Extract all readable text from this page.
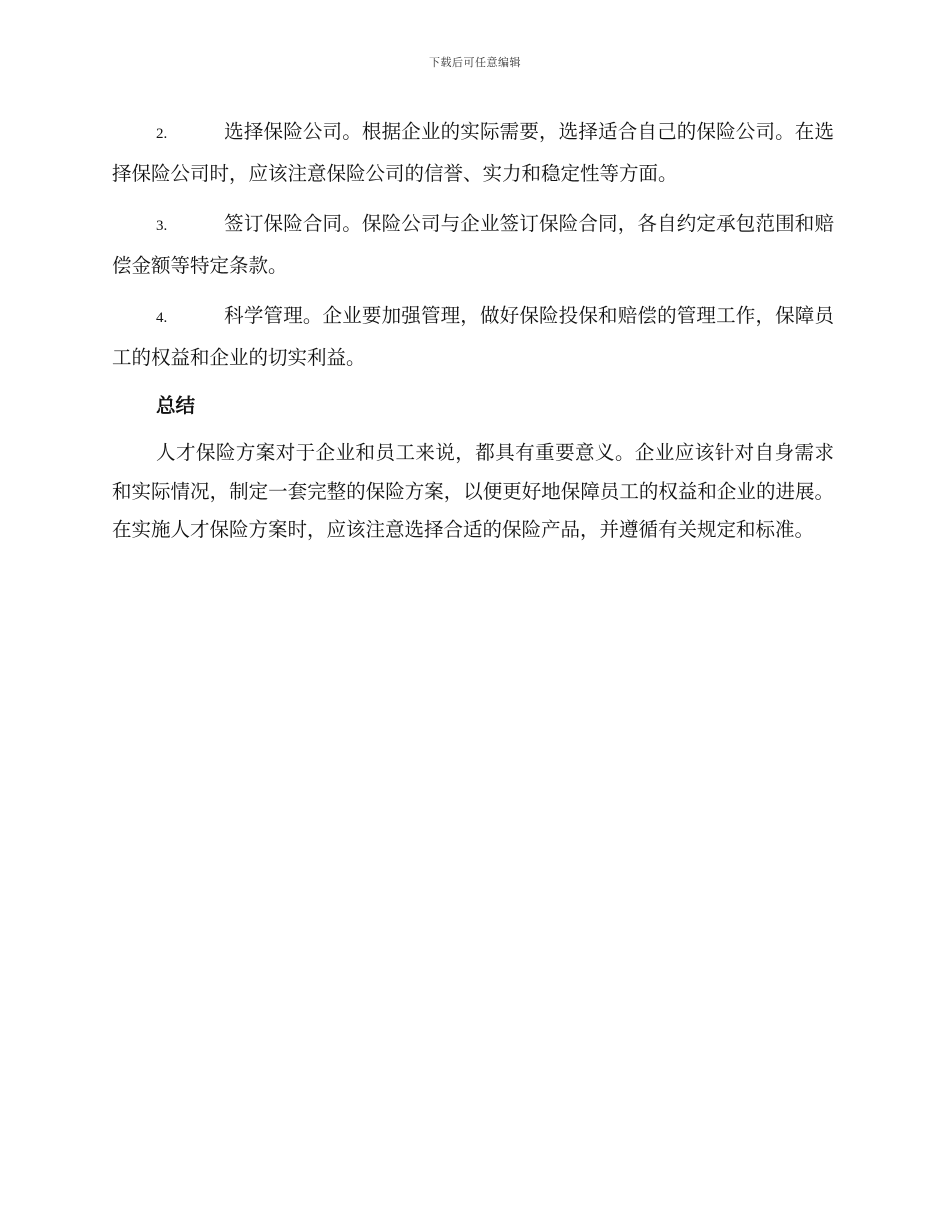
下载后可任意编辑

2.	选择保险公司。根据企业的实际需要，选择适合自己的保险公司。在选择保险公司时，应该注意保险公司的信誉、实力和稳定性等方面。

3.	签订保险合同。保险公司与企业签订保险合同，各自约定承包范围和赔偿金额等特定条款。

4.	科学管理。企业要加强管理，做好保险投保和赔偿的管理工作，保障员工的权益和企业的切实利益。

总结

人才保险方案对于企业和员工来说，都具有重要意义。企业应该针对自身需求和实际情况，制定一套完整的保险方案，以便更好地保障员工的权益和企业的进展。在实施人才保险方案时，应该注意选择合适的保险产品，并遵循有关规定和标准。
